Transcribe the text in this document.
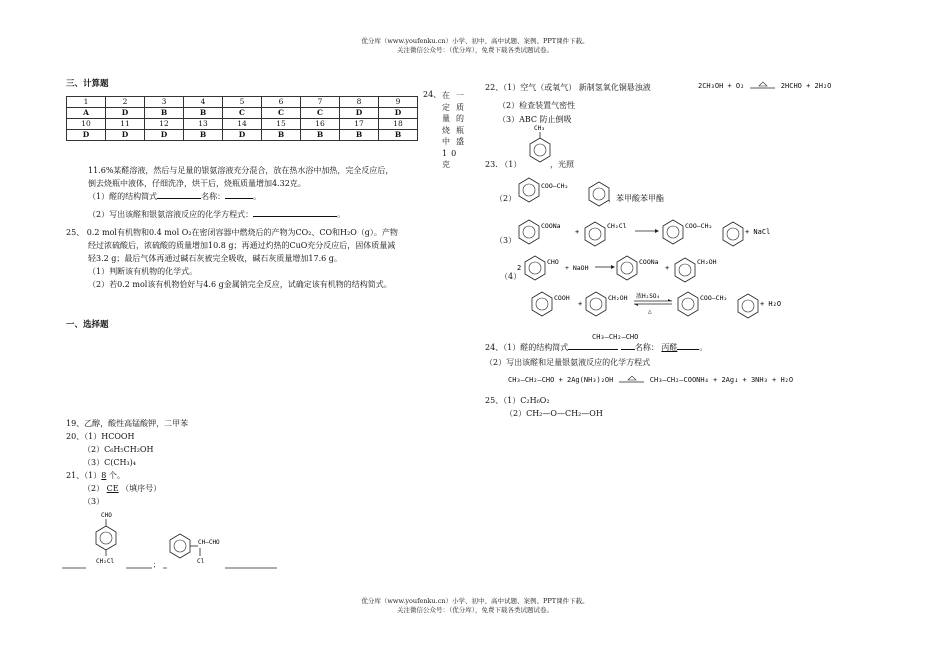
优分库（www.youfenku.cn）小学、初中、高中试题、案例、PPT课件下载。
关注微信公众号：（优分库），免费下载各类试题试卷。
三、计算题
1	2	3	4	5	6	7	8	9
A	D	B	B	C	C	C	D	D
10	11	12	13	14	15	16	17	18
D	D	D	B	D	B	B	B	B
24、 在一定质量的烧瓶中盛10克
11.6%某醛溶液，然后与足量的银氨溶液充分混合，放在热水浴中加热，完全反应后，
倒去烧瓶中液体，仔细洗净，烘干后，烧瓶质量增加4.32克。
（1）醛的结构简式	名称：	。
（2）写出该醛和银氨溶液反应的化学方程式：	。
25、 0.2 mol有机物和0.4 mol O₂在密闭容器中燃烧后的产物为CO₂、CO和H₂O（g）。产物
经过浓硫酸后，浓硫酸的质量增加10.8 g；再通过灼热的CuO充分反应后，固体质量减
轻3.2 g；最后气体再通过碱石灰被完全吸收，碱石灰质量增加17.6 g。
（1）判断该有机物的化学式。
（2）若0.2 mol该有机物恰好与4.6 g金属钠完全反应，试确定该有机物的结构简式。
一、选择题
19、乙醇，酸性高锰酸钾，二甲苯
20、（1）HCOOH
（2）C₆H₅CH₂OH
（3）C(CH₃)₄
21、（1）8 个。
（2） CE （填序号）
（3）
CHO
CH₂Cl
CH–CHO
Cl
；
22、（1）空气（或氧气） 新制氢氧化铜悬浊液	2CH₃OH + O₂	2HCHO + 2H₂O
（2）检查装置气密性
（3）ABC 防止倒吸
CH₃
23. （1）	，光照
（2）
COO—CH₂
，苯甲酸苯甲酯
（3）
COONa
+
CH₂Cl	COO—CH₂
+ NaCl
（4）
2
CHO
+ NaOH
COONa
+
CH₂OH
COOH
+
CH₂OH 浓H₂SO₄
△
COO—CH₂
+ H₂O
CH₃–CH₂–CHO
24、（1）醛的结构简式	名称： 丙醛	。
（2）写出该醛和足量银氨液反应的化学方程式
CH₃–CH₂–CHO + 2Ag(NH₃)₂OH	CH₃–CH₂–COONH₄ + 2Ag↓ + 3NH₃ + H₂O
25、（1）C₂H₆O₂
（2）CH₂—O—CH₂—OH
优分库（www.youfenku.cn）小学、初中、高中试题、案例、PPT课件下载。
关注微信公众号：（优分库），免费下载各类试题试卷。
